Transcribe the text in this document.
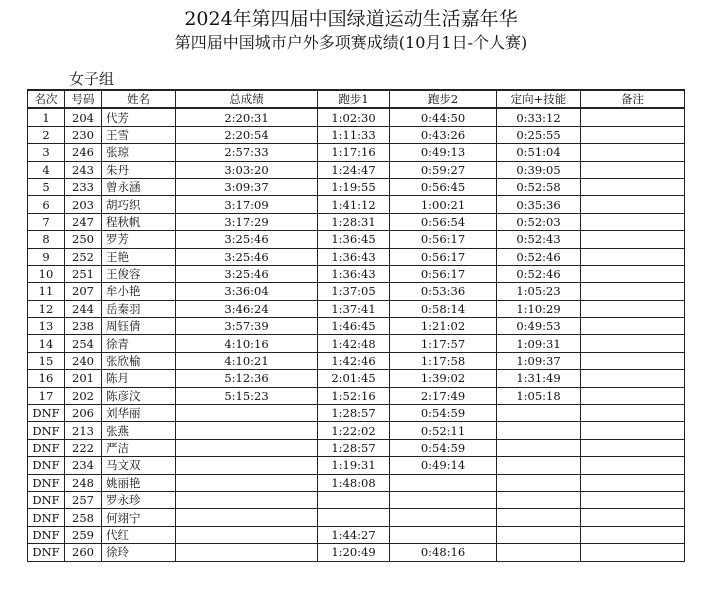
2024年第四届中国绿道运动生活嘉年华
第四届中国城市户外多项赛成绩(10月1日-个人赛)
女子组
名次	号码	姓名	总成绩	跑步1	跑步2	定向+技能	备注
1	204	代芳	2:20:31	1:02:30	0:44:50	0:33:12	
2	230	王雪	2:20:54	1:11:33	0:43:26	0:25:55	
3	246	张琼	2:57:33	1:17:16	0:49:13	0:51:04	
4	243	朱丹	3:03:20	1:24:47	0:59:27	0:39:05	
5	233	曾永涵	3:09:37	1:19:55	0:56:45	0:52:58	
6	203	胡巧织	3:17:09	1:41:12	1:00:21	0:35:36	
7	247	程秋帆	3:17:29	1:28:31	0:56:54	0:52:03	
8	250	罗芳	3:25:46	1:36:45	0:56:17	0:52:43	
9	252	王艳	3:25:46	1:36:43	0:56:17	0:52:46	
10	251	王俊容	3:25:46	1:36:43	0:56:17	0:52:46	
11	207	牟小艳	3:36:04	1:37:05	0:53:36	1:05:23	
12	244	岳秦羽	3:46:24	1:37:41	0:58:14	1:10:29	
13	238	周钰倩	3:57:39	1:46:45	1:21:02	0:49:53	
14	254	徐青	4:10:16	1:42:48	1:17:57	1:09:31	
15	240	张欣榆	4:10:21	1:42:46	1:17:58	1:09:37	
16	201	陈月	5:12:36	2:01:45	1:39:02	1:31:49	
17	202	陈彦汶	5:15:23	1:52:16	2:17:49	1:05:18	
DNF	206	刘华丽		1:28:57	0:54:59		
DNF	213	张燕		1:22:02	0:52:11		
DNF	222	严洁		1:28:57	0:54:59		
DNF	234	马文双		1:19:31	0:49:14		
DNF	248	姚丽艳		1:48:08			
DNF	257	罗永珍					
DNF	258	何翊宁					
DNF	259	代红		1:44:27			
DNF	260	徐玲		1:20:49	0:48:16		
